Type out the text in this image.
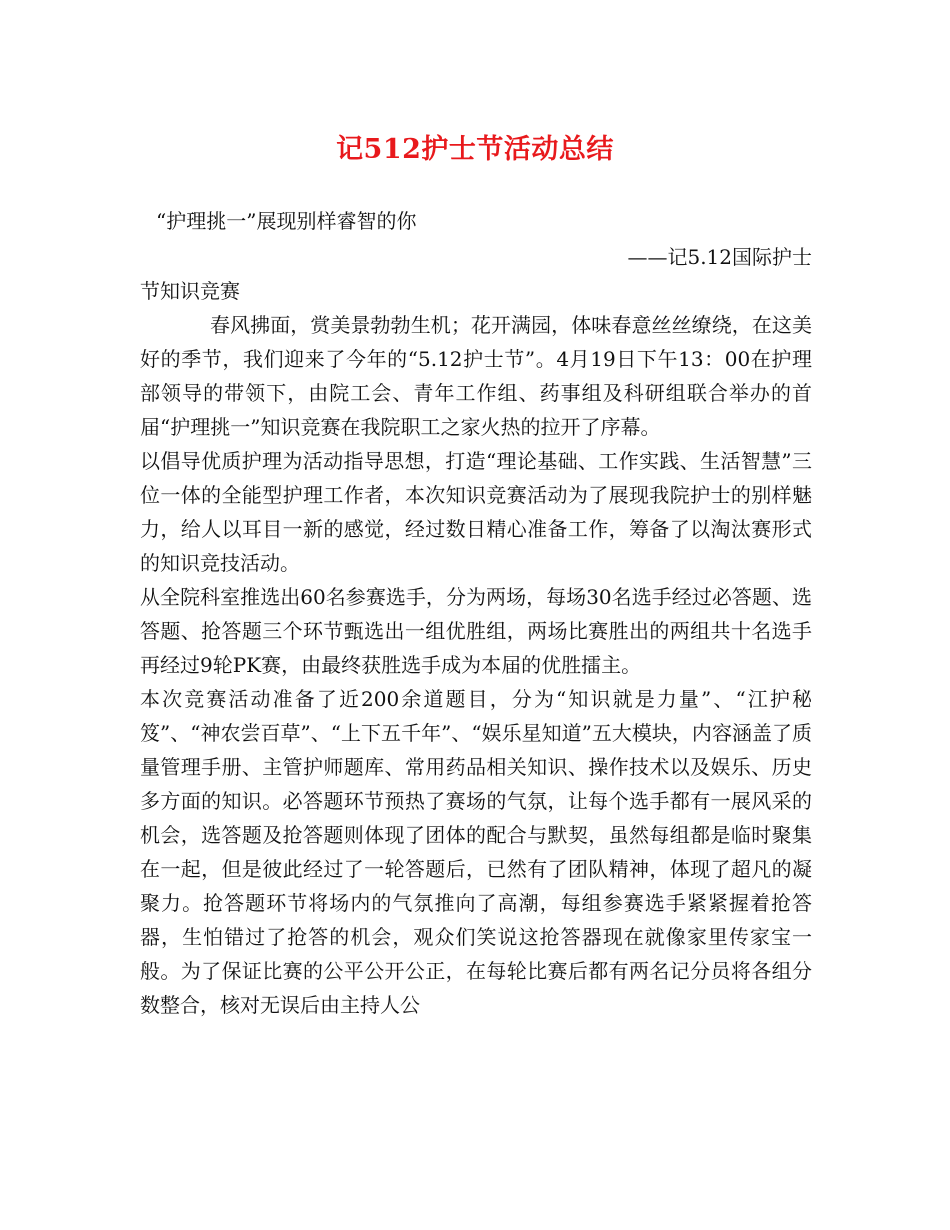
记512护士节活动总结
“护理挑一”展现别样睿智的你
——记5.12国际护士
节知识竞赛

春风拂面，赏美景勃勃生机；花开满园，体味春意丝丝缭绕，在这美好的季节，我们迎来了今年的“5.12护士节”。4月19日下午13：00在护理部领导的带领下，由院工会、青年工作组、药事组及科研组联合举办的首届“护理挑一”知识竞赛在我院职工之家火热的拉开了序幕。

以倡导优质护理为活动指导思想，打造“理论基础、工作实践、生活智慧”三位一体的全能型护理工作者，本次知识竞赛活动为了展现我院护士的别样魅力，给人以耳目一新的感觉，经过数日精心准备工作，筹备了以淘汰赛形式的知识竞技活动。

从全院科室推选出60名参赛选手，分为两场，每场30名选手经过必答题、选答题、抢答题三个环节甄选出一组优胜组，两场比赛胜出的两组共十名选手再经过9轮PK赛，由最终获胜选手成为本届的优胜擂主。

本次竞赛活动准备了近200余道题目，分为“知识就是力量”、“江护秘笈”、“神农尝百草”、“上下五千年”、“娱乐星知道”五大模块，内容涵盖了质量管理手册、主管护师题库、常用药品相关知识、操作技术以及娱乐、历史多方面的知识。必答题环节预热了赛场的气氛，让每个选手都有一展风采的机会，选答题及抢答题则体现了团体的配合与默契，虽然每组都是临时聚集在一起，但是彼此经过了一轮答题后，已然有了团队精神，体现了超凡的凝聚力。抢答题环节将场内的气氛推向了高潮，每组参赛选手紧紧握着抢答器，生怕错过了抢答的机会，观众们笑说这抢答器现在就像家里传家宝一般。为了保证比赛的公平公开公正，在每轮比赛后都有两名记分员将各组分数整合，核对无误后由主持人公
